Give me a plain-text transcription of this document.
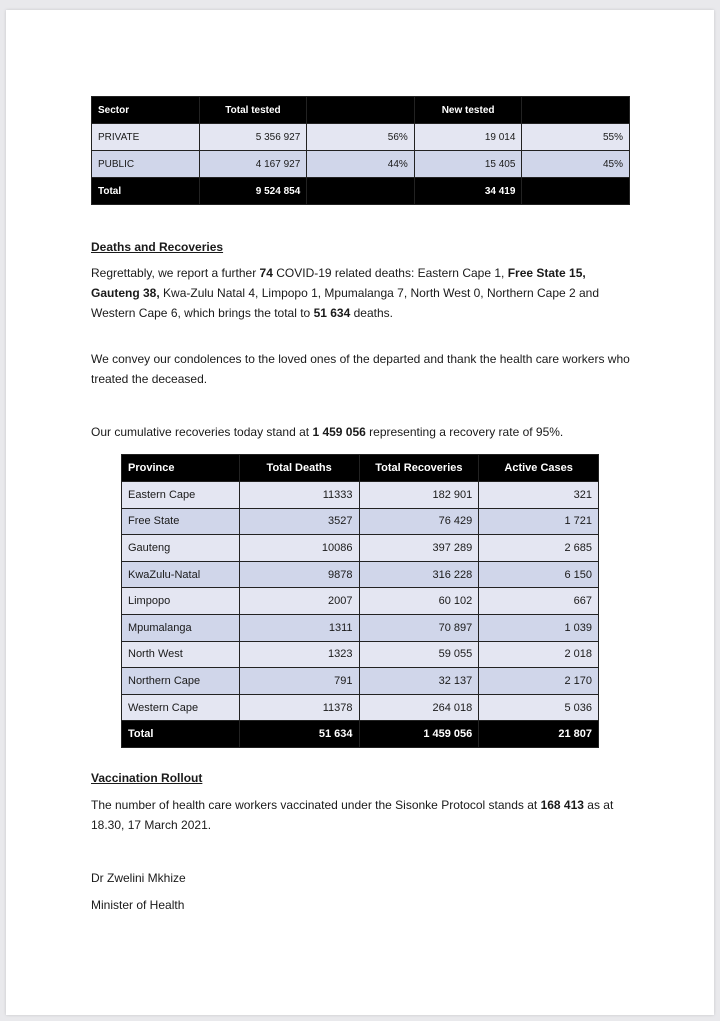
Sector	Total tested		New tested	
PRIVATE	5 356 927	56%	19 014	55%
PUBLIC	4 167 927	44%	15 405	45%
Total	9 524 854		34 419	
Deaths and Recoveries
Regrettably, we report a further 74 COVID-19 related deaths: Eastern Cape 1, Free State 15, Gauteng 38, Kwa-Zulu Natal 4, Limpopo 1, Mpumalanga 7, North West 0, Northern Cape 2 and Western Cape 6, which brings the total to 51 634 deaths.
We convey our condolences to the loved ones of the departed and thank the health care workers who treated the deceased.
Our cumulative recoveries today stand at 1 459 056 representing a recovery rate of 95%.
Province	Total Deaths	Total Recoveries	Active Cases
Eastern Cape	11333	182 901	321
Free State	3527	76 429	1 721
Gauteng	10086	397 289	2 685
KwaZulu-Natal	9878	316 228	6 150
Limpopo	2007	60 102	667
Mpumalanga	1311	70 897	1 039
North West	1323	59 055	2 018
Northern Cape	791	32 137	2 170
Western Cape	11378	264 018	5 036
Total	51 634	1 459 056	21 807
Vaccination Rollout
The number of health care workers vaccinated under the Sisonke Protocol stands at 168 413 as at 18.30, 17 March 2021.
Dr Zwelini Mkhize
Minister of Health
